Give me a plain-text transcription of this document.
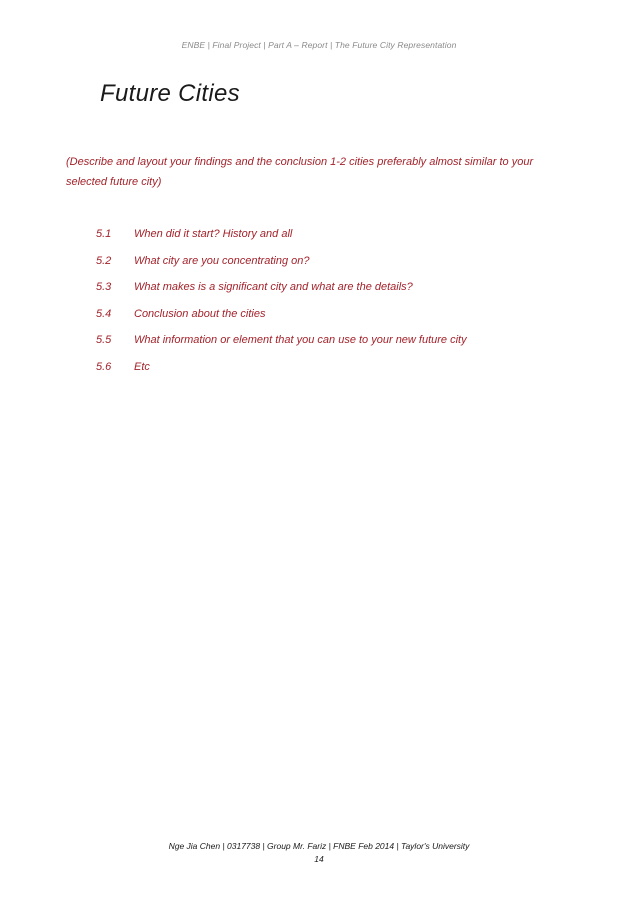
ENBE | Final Project | Part A – Report | The Future City Representation
Future Cities

(Describe and layout your findings and the conclusion 1-2 cities preferably almost similar to your selected future city)

5.1	When did it start? History and all
5.2	What city are you concentrating on?
5.3	What makes is a significant city and what are the details?
5.4	Conclusion about the cities
5.5	What information or element that you can use to your new future city
5.6	Etc
Nge Jia Chen | 0317738 | Group Mr. Fariz | FNBE Feb 2014 | Taylor's University
14
